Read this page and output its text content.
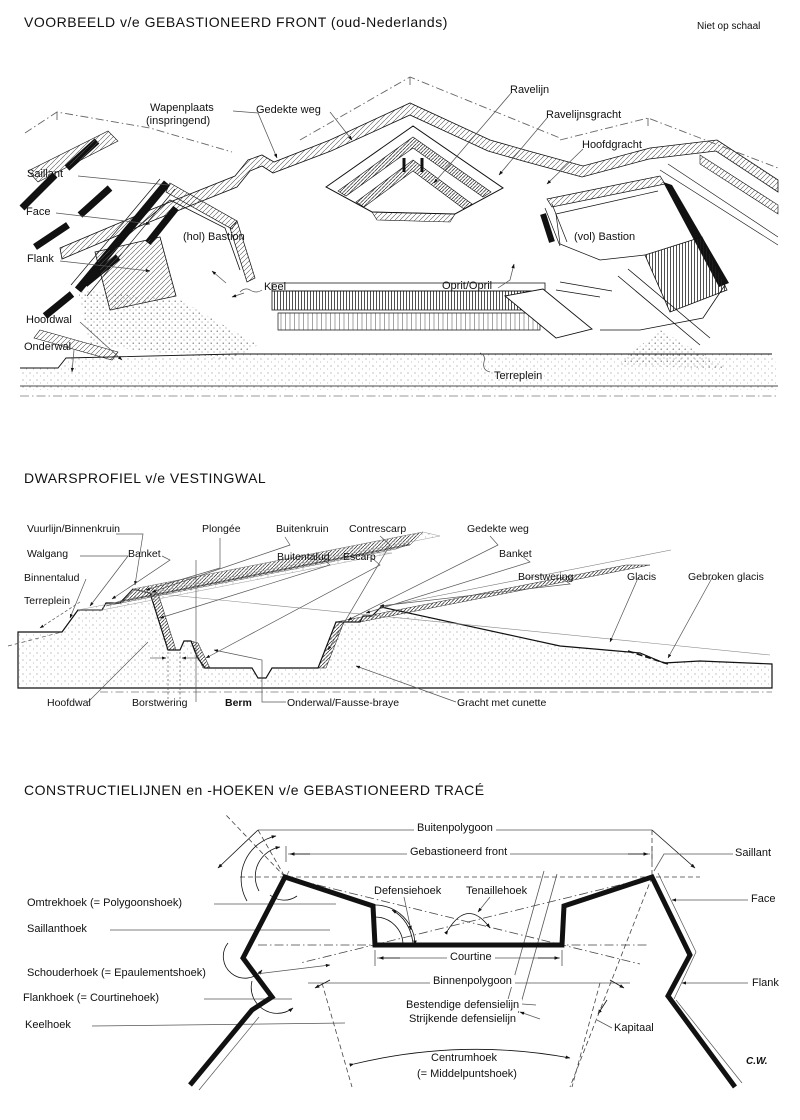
VOORBEELD v/e GEBASTIONEERD FRONT (oud-Nederlands)	Niet op schaal
DWARSPROFIEL v/e VESTINGWAL
CONSTRUCTIELIJNEN en -HOEKEN v/e GEBASTIONEERD TRACÉ
Wapenplaats
(inspringend)
Gedekte weg
Ravelijn
Ravelijnsgracht
Hoofdgracht
Saillant
Face
(hol) Bastion	(vol) Bastion
Flank
Keel	Oprit/Opril
Hoofdwal
Onderwal
Terreplein
Vuurlijn/Binnenkruin	Plongée	Buitenkruin Contrescarp	Gedekte weg
Walgang	Banket	Buitentalud Escarp	Banket
Binnentalud	Borstwering	Glacis	Gebroken glacis
Terreplein
Hoofdwal	Borstwering	Berm	Onderwal/Fausse-braye	Gracht met cunette
Buitenpolygoon
Gebastioneerd front	Saillant
Defensiehoek Tenaillehoek
Face
Omtrekhoek (= Polygoonshoek)
Saillanthoek
Schouderhoek (= Epaulementshoek)
Flankhoek (= Courtinehoek)
Keelhoek
Courtine
Binnenpolygoon
Bestendige defensielijn
Strijkende defensielijn
Kapitaal
Flank
Centrumhoek
(= Middelpuntshoek)
C.W.
